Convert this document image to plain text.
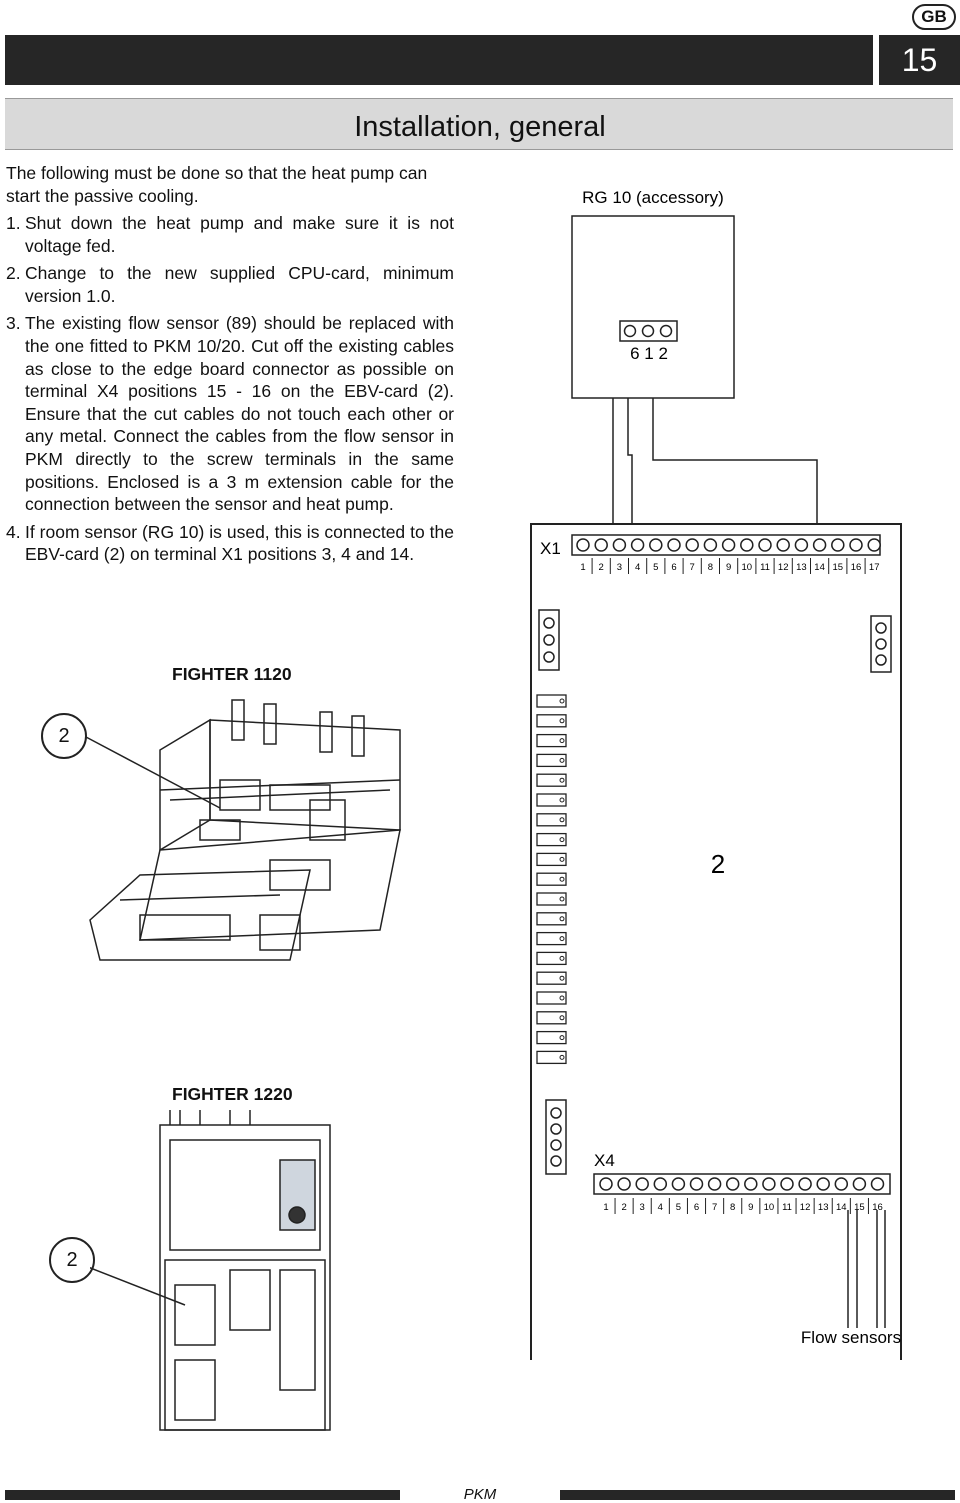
GB
15
Installation, general
The following must be done so that the heat pump can start the passive cooling.
1. Shut down the heat pump and make sure it is not voltage fed.
2. Change to the new supplied CPU-card, minimum version 1.0.
3. The existing flow sensor (89) should be replaced with the one fitted to PKM 10/20. Cut off the existing cables as close to the edge board connector as possible on terminal X4 positions 15 - 16 on the EBV-card (2). Ensure that the cut cables do not touch each other or any metal. Connect the cables from the flow sensor in PKM directly to the screw terminals in the same positions. Enclosed is a 3 m extension cable for the connection between the sensor and heat pump.
4. If room sensor (RG 10) is used, this is connected to the EBV-card (2) on terminal X1 positions 3, 4 and 14.
FIGHTER 1120
2
FIGHTER 1220
2
RG 10 (accessory)
6 1 2
X1
1 2 3 4 5 6 7 8 9 10 11 12 13 14 15 16 17
2
X4
1 2 3 4 5 6 7 8 9 10 11 12 13 14 15 16
Flow sensors
PKM
